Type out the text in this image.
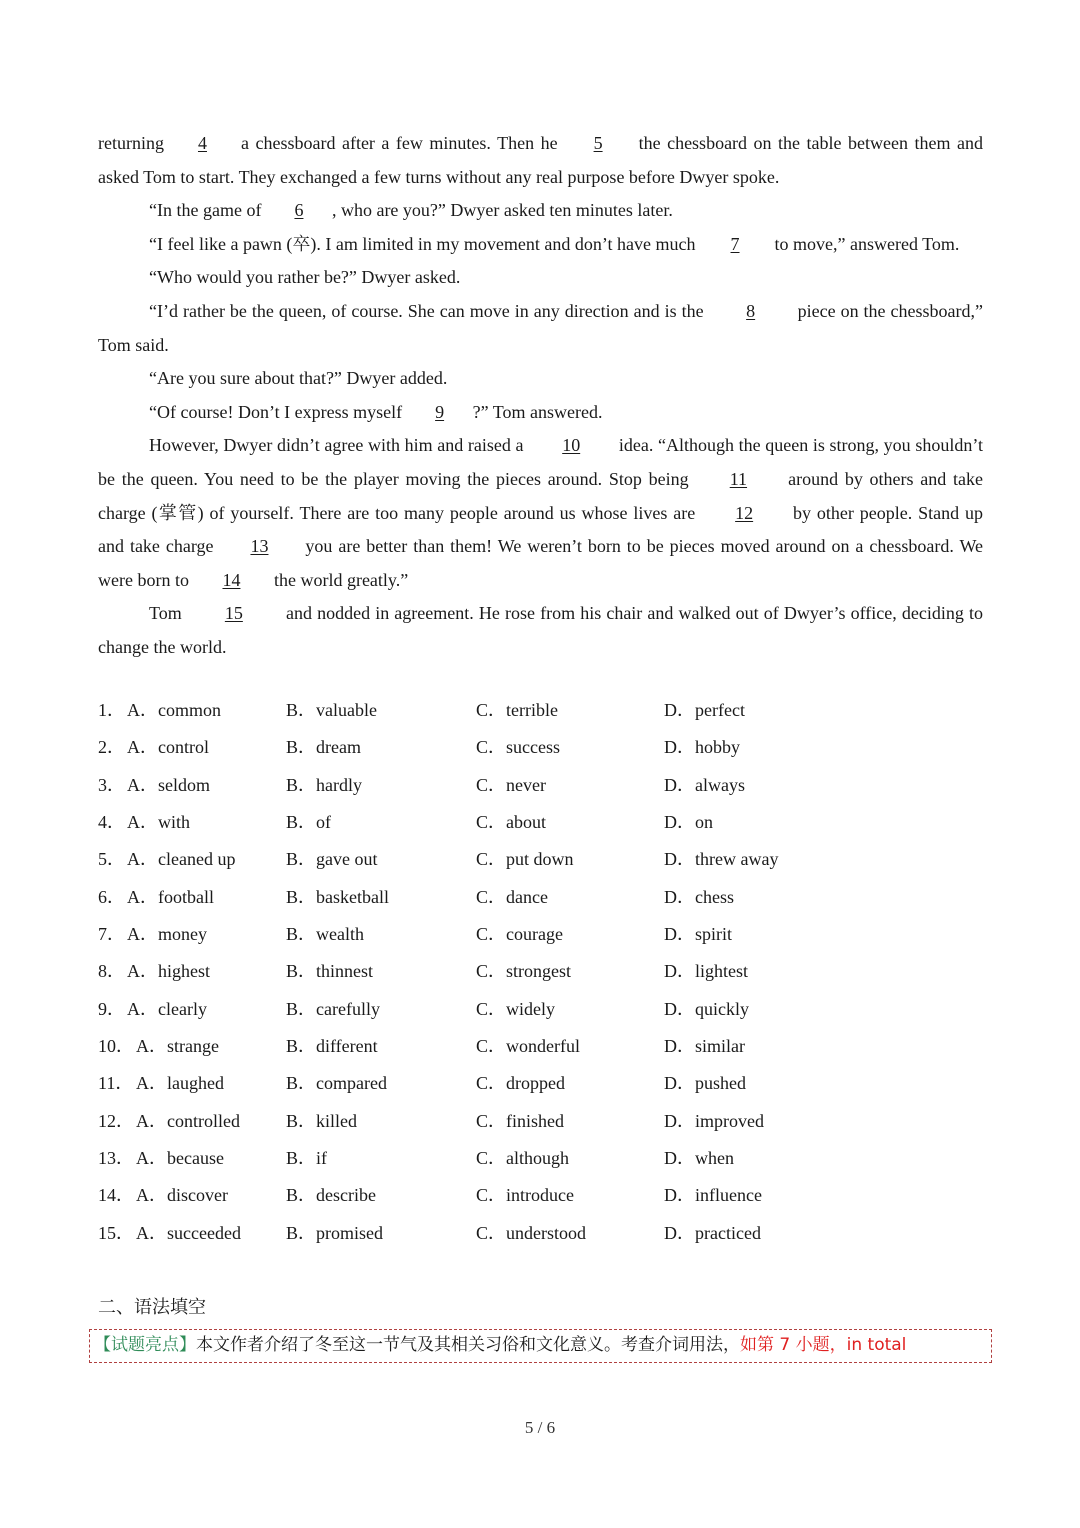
returning 4 a chessboard after a few minutes. Then he 5 the chessboard on the table between them and asked Tom to start. They exchanged a few turns without any real purpose before Dwyer spoke.

“In the game of 6 , who are you?” Dwyer asked ten minutes later.

“I feel like a pawn (卒). I am limited in my movement and don’t have much 7 to move,” answered Tom.

“Who would you rather be?” Dwyer asked.

“I’d rather be the queen, of course. She can move in any direction and is the 8 piece on the chessboard,” Tom said.

“Are you sure about that?” Dwyer added.

“Of course! Don’t I express myself 9 ?” Tom answered.

However, Dwyer didn’t agree with him and raised a 10 idea. “Although the queen is strong, you shouldn’t be the queen. You need to be the player moving the pieces around. Stop being 11 around by others and take charge (掌管) of yourself. There are too many people around us whose lives are 12 by other people. Stand up and take charge 13 you are better than them! We weren’t born to be pieces moved around on a chessboard. We were born to 14 the world greatly.”

Tom 15 and nodded in agreement. He rose from his chair and walked out of Dwyer’s office, deciding to change the world.

1． A．common	B．valuable	C．terrible	D．perfect
2． A．control	B．dream	C．success	D．hobby
3． A．seldom	B．hardly	C．never	D．always
4． A．with	B．of	C．about	D．on
5． A．cleaned up	B．gave out	C．put down	D．threw away
6． A．football	B．basketball	C．dance	D．chess
7． A．money	B．wealth	C．courage	D．spirit
8． A．highest	B．thinnest	C．strongest	D．lightest
9． A．clearly	B．carefully	C．widely	D．quickly
10． A．strange	B．different	C．wonderful	D．similar
11． A．laughed	B．compared	C．dropped	D．pushed
12． A．controlled	B．killed	C．finished	D．improved
13． A．because	B．if	C．although	D．when
14． A．discover	B．describe	C．introduce	D．influence
15． A．succeeded	B．promised	C．understood	D．practiced
二、语法填空
【试题亮点】本文作者介绍了冬至这一节气及其相关习俗和文化意义。考查介词用法，如第 7 小题，in total
5 / 6
